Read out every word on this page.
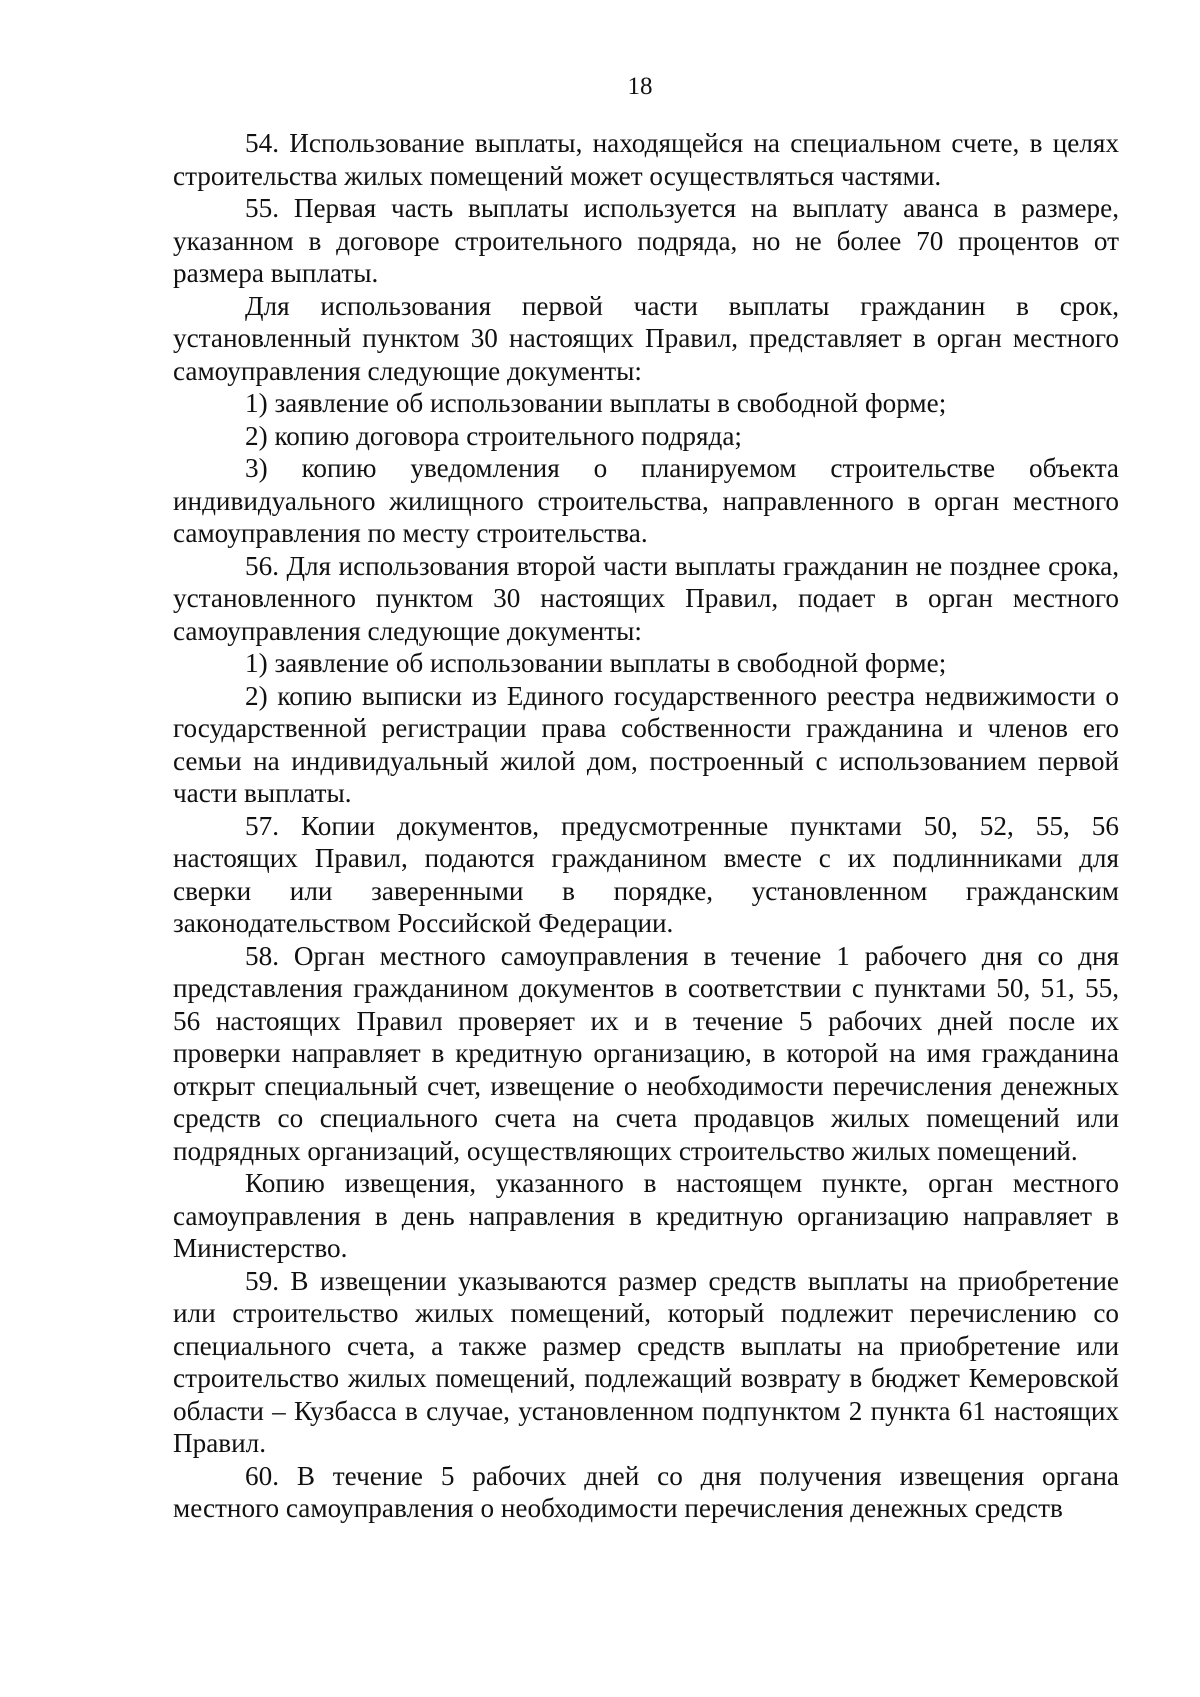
18

54. Использование выплаты, находящейся на специальном счете, в целях строительства жилых помещений может осуществляться частями.

55. Первая часть выплаты используется на выплату аванса в размере, указанном в договоре строительного подряда, но не более 70 процентов от размера выплаты.

Для использования первой части выплаты гражданин в срок, установленный пунктом 30 настоящих Правил, представляет в орган местного самоуправления следующие документы:

1) заявление об использовании выплаты в свободной форме;

2) копию договора строительного подряда;

3) копию уведомления о планируемом строительстве объекта индивидуального жилищного строительства, направленного в орган местного самоуправления по месту строительства.

56. Для использования второй части выплаты гражданин не позднее срока, установленного пунктом 30 настоящих Правил, подает в орган местного самоуправления следующие документы:

1) заявление об использовании выплаты в свободной форме;

2) копию выписки из Единого государственного реестра недвижимости о государственной регистрации права собственности гражданина и членов его семьи на индивидуальный жилой дом, построенный с использованием первой части выплаты.

57. Копии документов, предусмотренные пунктами 50, 52, 55, 56 настоящих Правил, подаются гражданином вместе с их подлинниками для сверки или заверенными в порядке, установленном гражданским законодательством Российской Федерации.

58. Орган местного самоуправления в течение 1 рабочего дня со дня представления гражданином документов в соответствии с пунктами 50, 51, 55, 56 настоящих Правил проверяет их и в течение 5 рабочих дней после их проверки направляет в кредитную организацию, в которой на имя гражданина открыт специальный счет, извещение о необходимости перечисления денежных средств со специального счета на счета продавцов жилых помещений или подрядных организаций, осуществляющих строительство жилых помещений.

Копию извещения, указанного в настоящем пункте, орган местного самоуправления в день направления в кредитную организацию направляет в Министерство.

59. В извещении указываются размер средств выплаты на приобретение или строительство жилых помещений, который подлежит перечислению со специального счета, а также размер средств выплаты на приобретение или строительство жилых помещений, подлежащий возврату в бюджет Кемеровской области – Кузбасса в случае, установленном подпунктом 2 пункта 61 настоящих Правил.

60. В течение 5 рабочих дней со дня получения извещения органа местного самоуправления о необходимости перечисления денежных средств
